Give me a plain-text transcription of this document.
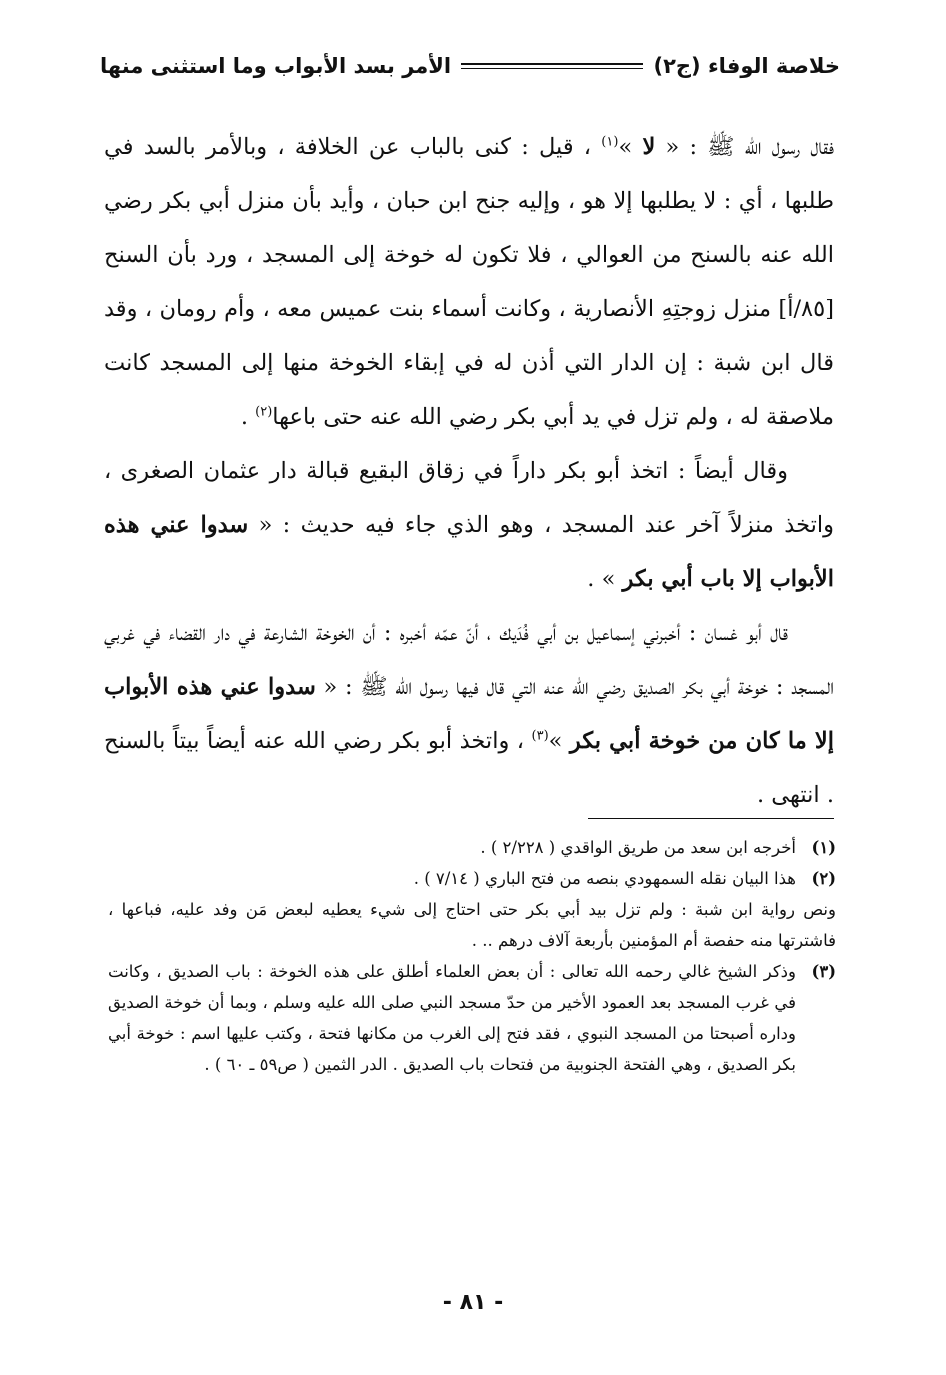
خلاصة الوفاء (ج٢)
الأمر بسد الأبواب وما استثنى منها

فقال رسول الله ﷺ : « لا »$^{(١)}$ ، قيل : كنى بالباب عن الخلافة ، وبالأمر بالسد في طلبها ، أي : لا يطلبها إلا هو ، وإليه جنح ابن حبان ، وأيد بأن منزل أبي بكر رضي الله عنه بالسنح من العوالي ، فلا تكون له خوخة إلى المسجد ، ورد بأن السنح [٨٥/أ] منزل زوجتِهِ الأنصارية ، وكانت أسماء بنت عميس معه ، وأم رومان ، وقد قال ابن شبة : إن الدار التي أذن له في إبقاء الخوخة منها إلى المسجد كانت ملاصقة له ، ولم تزل في يد أبي بكر رضي الله عنه حتى باعها$^{(٢)}$ .

وقال أيضاً : اتخذ أبو بكر داراً في زقاق البقيع قبالة دار عثمان الصغرى ، واتخذ منزلاً آخر عند المسجد ، وهو الذي جاء فيه حديث : « سدوا عني هذه الأبواب إلا باب أبي بكر » .

قال أبو غسان : أخبرني إسماعيل بن أبي فُدَيك ، أنّ عمّه أخبره : أن الخوخة الشارعة في دار القضاء في غربي المسجد : خوخة أبي بكر الصديق رضي الله عنه التي قال فيها رسول الله ﷺ : « سدوا عني هذه الأبواب إلا ما كان من خوخة أبي بكر »$^{(٣)}$ ، واتخذ أبو بكر رضي الله عنه أيضاً بيتاً بالسنح . انتهى .

(١)
أخرجه ابن سعد من طريق الواقدي ( ٢/٢٢٨ ) .
(٢)
هذا البيان نقله السمهودي بنصه من فتح الباري ( ٧/١٤ ) .
ونص رواية ابن شبة : ولم تزل بيد أبي بكر حتى احتاج إلى شيء يعطيه لبعض مَن وفد عليه، فباعها ، فاشترتها منه حفصة أم المؤمنين بأربعة آلاف درهم .. .
(٣)
وذكر الشيخ غالي رحمه الله تعالى : أن بعض العلماء أطلق على هذه الخوخة : باب الصديق ، وكانت في غرب المسجد بعد العمود الأخير من حدّ مسجد النبي صلى الله عليه وسلم ، وبما أن خوخة الصديق وداره أصبحتا من المسجد النبوي ، فقد فتح إلى الغرب من مكانها فتحة ، وكتب عليها اسم : خوخة أبي بكر الصديق ، وهي الفتحة الجنوبية من فتحات باب الصديق . الدر الثمين ( ص٥٩ ـ ٦٠ ) .
- ٨١ -
